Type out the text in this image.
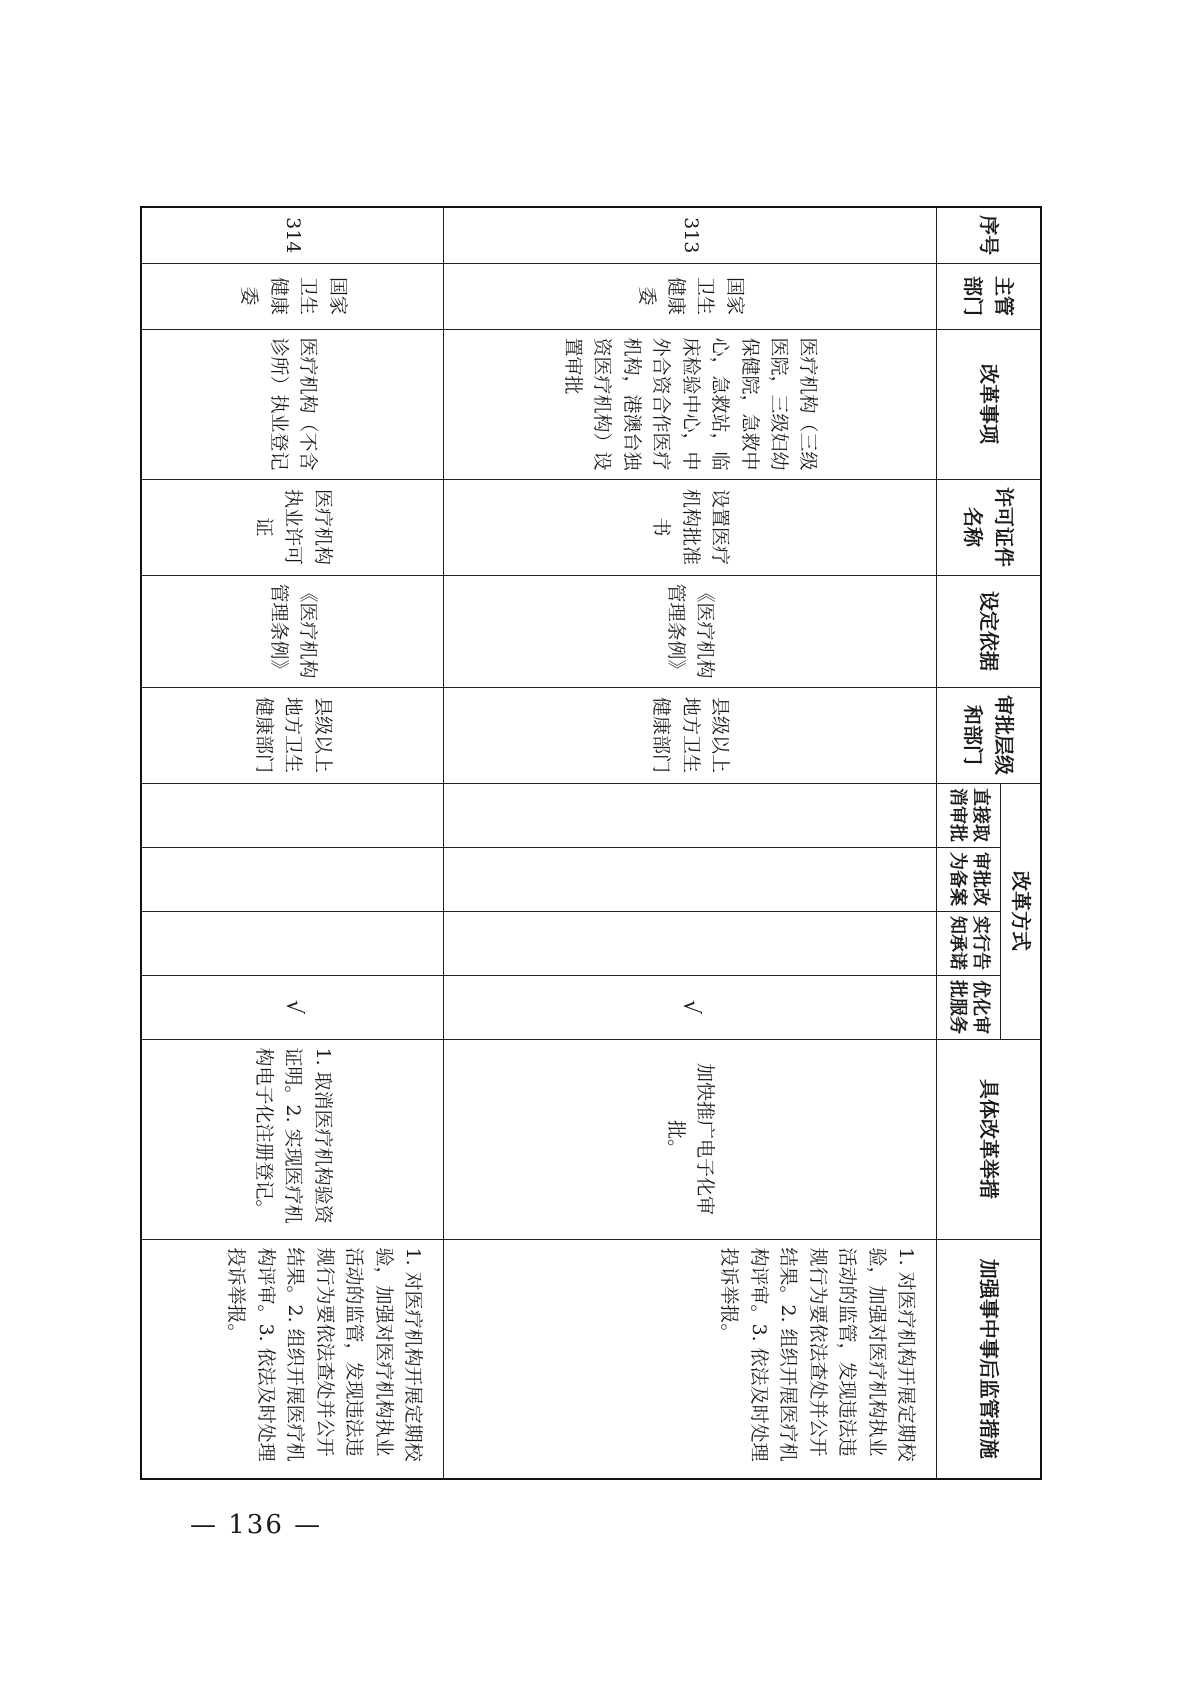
序号	主管部门	改革事项	许可证件名称	设定依据	审批层级和部门	改革方式				具体改革举措	加强事中事后监管措施
						直接取消审批	审批改为备案	实行告知承诺	优化审批服务		
313	国家卫生健康委	医疗机构（三级医院，三级妇幼保健院，急救中心，急救站，临床检验中心，中外合资合作医疗机构，港澳台独资医疗机构）设置审批	设置医疗机构批准书	《医疗机构管理条例》	县级以上地方卫生健康部门				√	加快推广电子化审批。	1. 对医疗机构开展定期校验，加强对医疗机构执业活动的监管，发现违法违规行为要依法查处并公开结果。2. 组织开展医疗机构评审。3. 依法及时处理投诉举报。
314	国家卫生健康委	医疗机构（不含诊所）执业登记	医疗机构执业许可证	《医疗机构管理条例》	县级以上地方卫生健康部门				√	1. 取消医疗机构验资证明。2. 实现医疗机构电子化注册登记。	1. 对医疗机构开展定期校验，加强对医疗机构执业活动的监管，发现违法违规行为要依法查处并公开结果。2. 组织开展医疗机构评审。3. 依法及时处理投诉举报。
— 136 —
